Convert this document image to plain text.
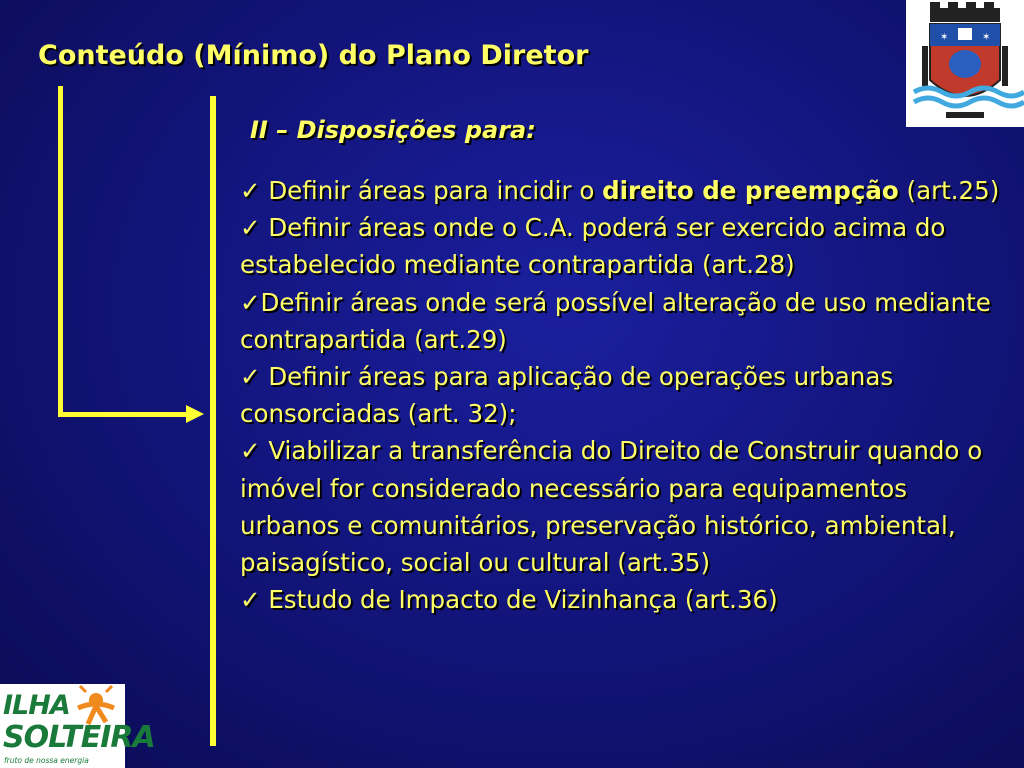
Conteúdo (Mínimo) do Plano Diretor
II – Disposições para:

✓ Definir áreas para incidir o direito de preempção (art.25)

✓ Definir áreas onde o C.A. poderá ser exercido acima do estabelecido mediante contrapartida (art.28)

✓Definir áreas onde será possível alteração de uso mediante contrapartida (art.29)

✓ Definir áreas para aplicação de operações urbanas consorciadas (art. 32);

✓ Viabilizar a transferência do Direito de Construir quando o imóvel for considerado necessário para equipamentos urbanos e comunitários, preservação histórico, ambiental, paisagístico, social ou cultural (art.35)

✓ Estudo de Impacto de Vizinhança (art.36)

✶	✶
ILHA
SOLTEIRA
fruto de nossa energia
